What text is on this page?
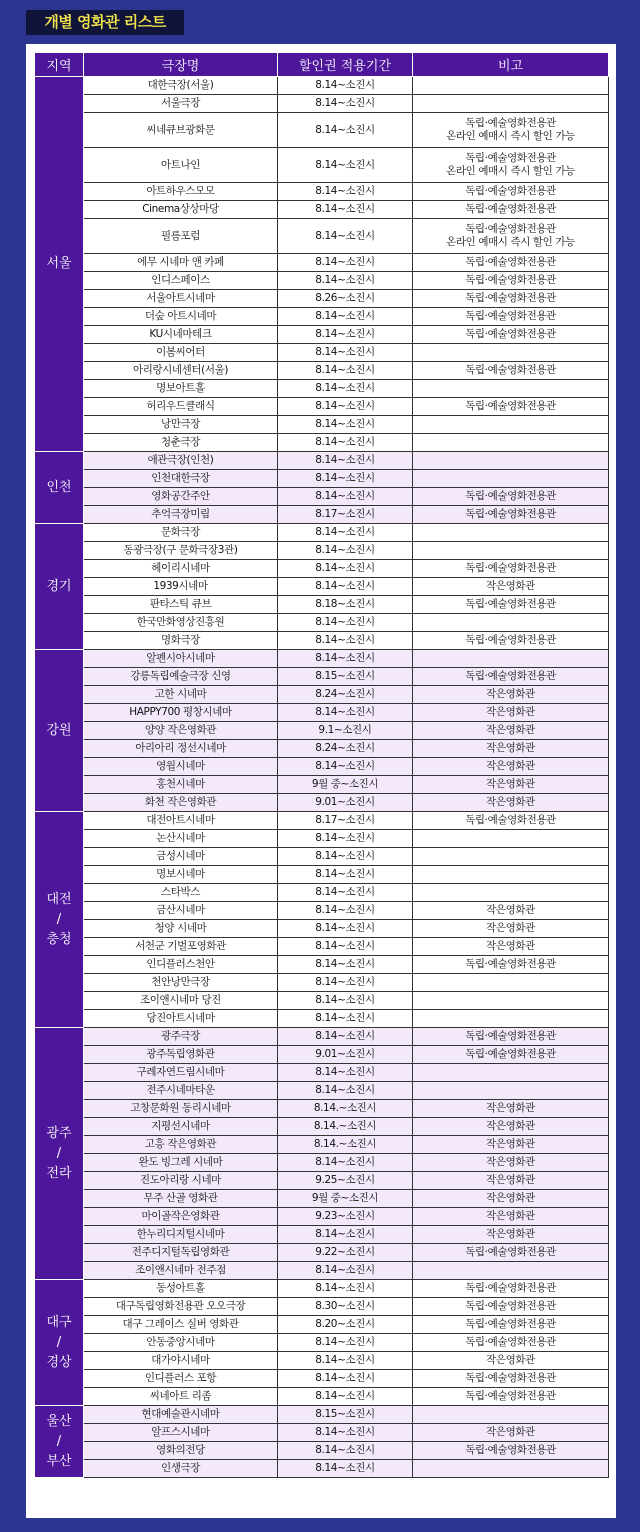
개별 영화관 리스트
지역	극장명	할인권 적용기간	비고
서울	대한극장(서울)	8.14~소진시	
	서울극장	8.14~소진시	
	씨네큐브광화문	8.14~소진시	독립·예술영화전용관
온라인 예매시 즉시 할인 가능
	아트나인	8.14~소진시	독립·예술영화전용관
온라인 예매시 즉시 할인 가능
	아트하우스모모	8.14~소진시	독립·예술영화전용관
	Cinema상상마당	8.14~소진시	독립·예술영화전용관
	필름포럼	8.14~소진시	독립·예술영화전용관
온라인 예매시 즉시 할인 가능
	에무 시네마 앤 카페	8.14~소진시	독립·예술영화전용관
	인디스페이스	8.14~소진시	독립·예술영화전용관
	서울아트시네마	8.26~소진시	독립·예술영화전용관
	더숲 아트시네마	8.14~소진시	독립·예술영화전용관
	KU시네마테크	8.14~소진시	독립·예술영화전용관
	이봄씨어터	8.14~소진시	
	아리랑시네센터(서울)	8.14~소진시	독립·예술영화전용관
	명보아트홀	8.14~소진시	
	허리우드클래식	8.14~소진시	독립·예술영화전용관
	낭만극장	8.14~소진시	
	청춘극장	8.14~소진시	
인천	애관극장(인천)	8.14~소진시	
	인천대한극장	8.14~소진시	
	영화공간주안	8.14~소진시	독립·예술영화전용관
	추억극장미림	8.17~소진시	독립·예술영화전용관
경기	문화극장	8.14~소진시	
	동광극장(구 문화극장3관)	8.14~소진시	
	헤이리시네마	8.14~소진시	독립·예술영화전용관
	1939시네마	8.14~소진시	작은영화관
	판타스틱 큐브	8.18~소진시	독립·예술영화전용관
	한국만화영상진흥원	8.14~소진시	
	명화극장	8.14~소진시	독립·예술영화전용관
강원	알펜시아시네마	8.14~소진시	
	강릉독립예술극장 신영	8.15~소진시	독립·예술영화전용관
	고한 시네마	8.24~소진시	작은영화관
	HAPPY700 평창시네마	8.14~소진시	작은영화관
	양양 작은영화관	9.1~소진시	작은영화관
	아리아리 정선시네마	8.24~소진시	작은영화관
	영월시네마	8.14~소진시	작은영화관
	홍천시네마	9월 중~소진시	작은영화관
	화천 작은영화관	9.01~소진시	작은영화관
대전
/
충청	대전아트시네마	8.17~소진시	독립·예술영화전용관
	논산시네마	8.14~소진시	
	금성시네마	8.14~소진시	
	명보시네마	8.14~소진시	
	스타박스	8.14~소진시	
	금산시네마	8.14~소진시	작은영화관
	청양 시네마	8.14~소진시	작은영화관
	서천군 기벌포영화관	8.14~소진시	작은영화관
	인디플러스천안	8.14~소진시	독립·예술영화전용관
	천안낭만극장	8.14~소진시	
	조이앤시네마 당진	8.14~소진시	
	당진아트시네마	8.14~소진시	
광주
/
전라	광주극장	8.14~소진시	독립·예술영화전용관
	광주독립영화관	9.01~소진시	독립·예술영화전용관
	구례자연드림시네마	8.14~소진시	
	전주시네마타운	8.14~소진시	
	고창문화원 동리시네마	8.14.~소진시	작은영화관
	지평선시네마	8.14.~소진시	작은영화관
	고흥 작은영화관	8.14.~소진시	작은영화관
	완도 빙그레 시네마	8.14~소진시	작은영화관
	진도아리랑 시네마	9.25~소진시	작은영화관
	무주 산골 영화관	9월 중~소진시	작은영화관
	마이골작은영화관	9.23~소진시	작은영화관
	한누리디지털시네마	8.14~소진시	작은영화관
	전주디지털독립영화관	9.22~소진시	독립·예술영화전용관
	조이앤시네마 전주점	8.14~소진시	
대구
/
경상	동성아트홀	8.14~소진시	독립·예술영화전용관
	대구독립영화전용관 오오극장	8.30~소진시	독립·예술영화전용관
	대구 그레이스 실버 영화관	8.20~소진시	독립·예술영화전용관
	안동중앙시네마	8.14~소진시	독립·예술영화전용관
	대가야시네마	8.14~소진시	작은영화관
	인디플러스 포항	8.14~소진시	독립·예술영화전용관
	씨네아트 리좀	8.14~소진시	독립·예술영화전용관
울산
/
부산	현대예술관시네마	8.15~소진시	
	알프스시네마	8.14~소진시	작은영화관
	영화의전당	8.14~소진시	독립·예술영화전용관
	인생극장	8.14~소진시	
